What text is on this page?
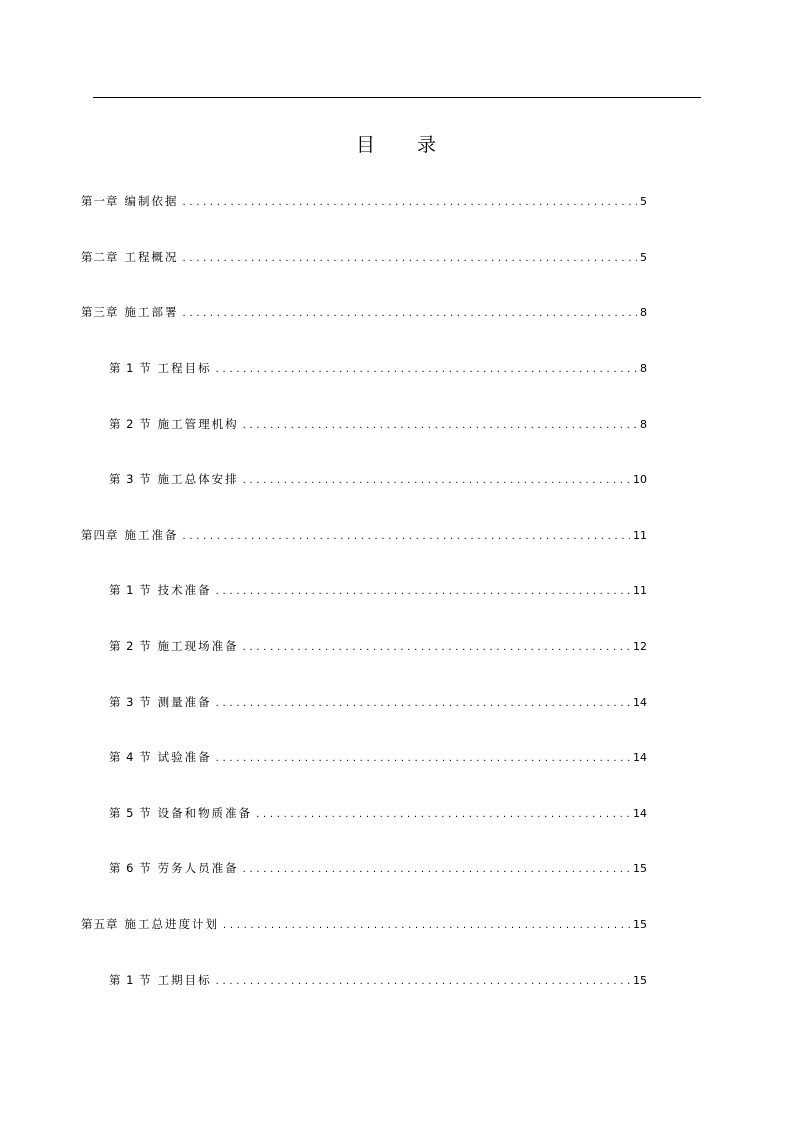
目 录
第一章 编制依据 . . .	5
第二章 工程概况 . . .	5
第三章 施工部署 . . .	8
第 1 节 工程目标 . . .	8
第 2 节 施工管理机构 . . .	8
第 3 节 施工总体安排 . . .	10
第四章 施工准备 . . .	11
第 1 节 技术准备 . . .	11
第 2 节 施工现场准备 . . .	12
第 3 节 测量准备 . . .	14
第 4 节 试验准备 . . .	14
第 5 节 设备和物质准备 . . .	14
第 6 节 劳务人员准备 . . .	15
第五章 施工总进度计划 . . .	15
第 1 节 工期目标 . . .	15
